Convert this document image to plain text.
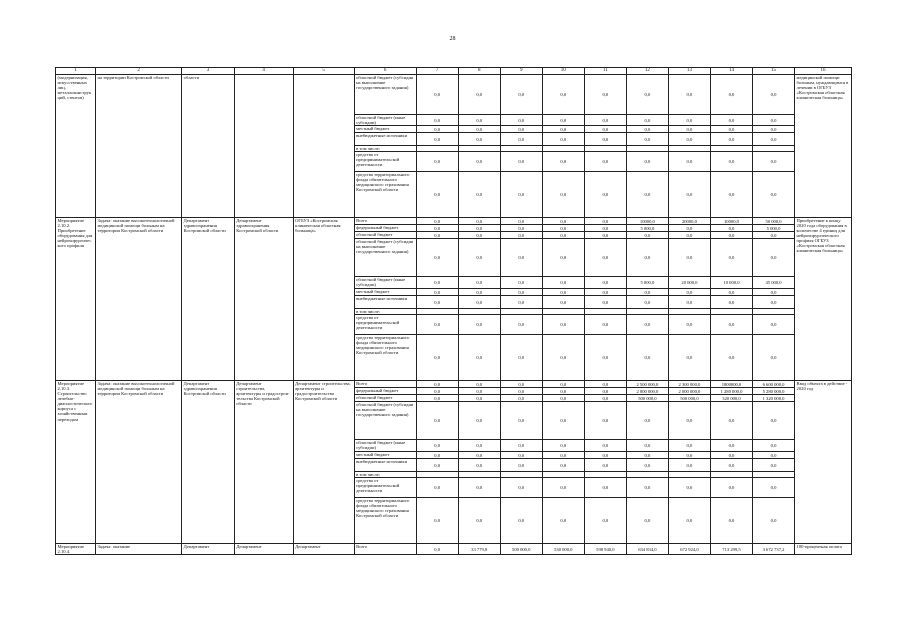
28
1	2	3	4	5	6	7	8	9	10	11	12	13	14	15	16
(модернизация, искусственных лиц, металлоконструкций, стентов)	на территории Костромской области	области			областной бюджет (субсидии на выполнение государственного задания)	0,0	0,0	0,0	0,0	0,0	0,0	0,0	0,0	0,0	медицинской помощи больным, нуждающимся в лечении в ОГБУЗ «Костромская областная клиническая больница»
					областной бюджет (иные субсидии)	0,0	0,0	0,0	0,0	0,0	0,0	0,0	0,0	0,0	
					местный бюджет	0,0	0,0	0,0	0,0	0,0	0,0	0,0	0,0	0,0	
					внебюджетные источники	0,0	0,0	0,0	0,0	0,0	0,0	0,0	0,0	0,0	
					в том числе:										
					средства от предпринимательской деятельности	0,0	0,0	0,0	0,0	0,0	0,0	0,0	0,0	0,0	
					средства территориального фонда обязательного медицинского страхования Костромской области	0,0	0,0	0,0	0,0	0,0	0,0	0,0	0,0	0,0	
Мероприятие 2.10.2. Приобретение оборудования для нейрохирургического профиля	Задача: оказание высокотехнологичной медицинской помощи больным на территории Костромской области	Департамент здравоохранения Костромской области	Департамент здравоохранения Костромской области	ОГБУЗ «Костромская клиническая областная больница»	Всего	0,0	0,0	0,0	0,0	0,0	10000,0	20000,0	10000,0	50 000,0	Приобретение к концу 2020 года оборудования в количестве 4 единиц для нейрохирургического профиля ОГБУЗ «Костромская областная клиническая больница»
					федеральный бюджет	0,0	0,0	0,0	0,0	0,0	5 000,0	0,0	0,0	5 000,0	
					областной бюджет	0,0	0,0	0,0	0,0	0,0	0,0	0,0	0,0	0,0	
					областной бюджет (субсидии на выполнение государственного задания)	0,0	0,0	0,0	0,0	0,0	0,0	0,0	0,0	0,0	
					областной бюджет (иные субсидии)	0,0	0,0	0,0	0,0	0,0	5 000,0	20 000,0	10 000,0	45 000,0	
					местный бюджет	0,0	0,0	0,0	0,0	0,0	0,0	0,0	0,0	0,0	
					внебюджетные источники	0,0	0,0	0,0	0,0	0,0	0,0	0,0	0,0	0,0	
					в том числе:										
					средства от предпринимательской деятельности	0,0	0,0	0,0	0,0	0,0	0,0	0,0	0,0	0,0	
					средства территориального фонда обязательного медицинского страхования Костромской области	0,0	0,0	0,0	0,0	0,0	0,0	0,0	0,0	0,0	
Мероприятие 2.10.3. Строительство лечебно-диагностического корпуса с хозяйственным переходом	Задача: оказание высокотехнологичной медицинской помощи больным на территории Костромской области	Департамент здравоохранения Костромской области	Департамент строительства, архитектуры и градострои-тельства Костромской области	Департамент строительства, архитектуры и градостроительства Костромской области	Всего	0,0	0,0	0,0	0,0	0,0	2 500 000,0	2 300 000,0	1800000,0	6 600 000,0	Ввод объекта в действие - 2020 год
					федеральный бюджет	0,0	0,0	0,0	0,0	0,0	2 000 000,0	2 000 000,0	1 280 000,0	5 280 000,0	
					областной бюджет	0,0	0,0	0,0	0,0	0,0	500 000,0	500 000,0	320 000,0	1 320 000,0	
					областной бюджет (субсидии на выполнение государственного задания)	0,0	0,0	0,0	0,0	0,0	0,0	0,0	0,0	0,0	
					областной бюджет (иные субсидии)	0,0	0,0	0,0	0,0	0,0	0,0	0,0	0,0	0,0	
					местный бюджет	0,0	0,0	0,0	0,0	0,0	0,0	0,0	0,0	0,0	
					внебюджетные источники	0,0	0,0	0,0	0,0	0,0	0,0	0,0	0,0	0,0	
					в том числе:										
					средства от предпринимательской деятельности	0,0	0,0	0,0	0,0	0,0	0,0	0,0	0,0	0,0	
					средства территориального фонда обязательного медицинского страхования Костромской области	0,0	0,0	0,0	0,0	0,0	0,0	0,0	0,0	0,0	
Мероприятие 2.10.4.	Задача: оказание	Департамент	Департамент	Департамент	Всего	0,0	33 779,8	500 000,0	530 000,0	598 940,0	634 834,0	672 924,0	713 299,5	3 672 737,2	100-процентная оплата
